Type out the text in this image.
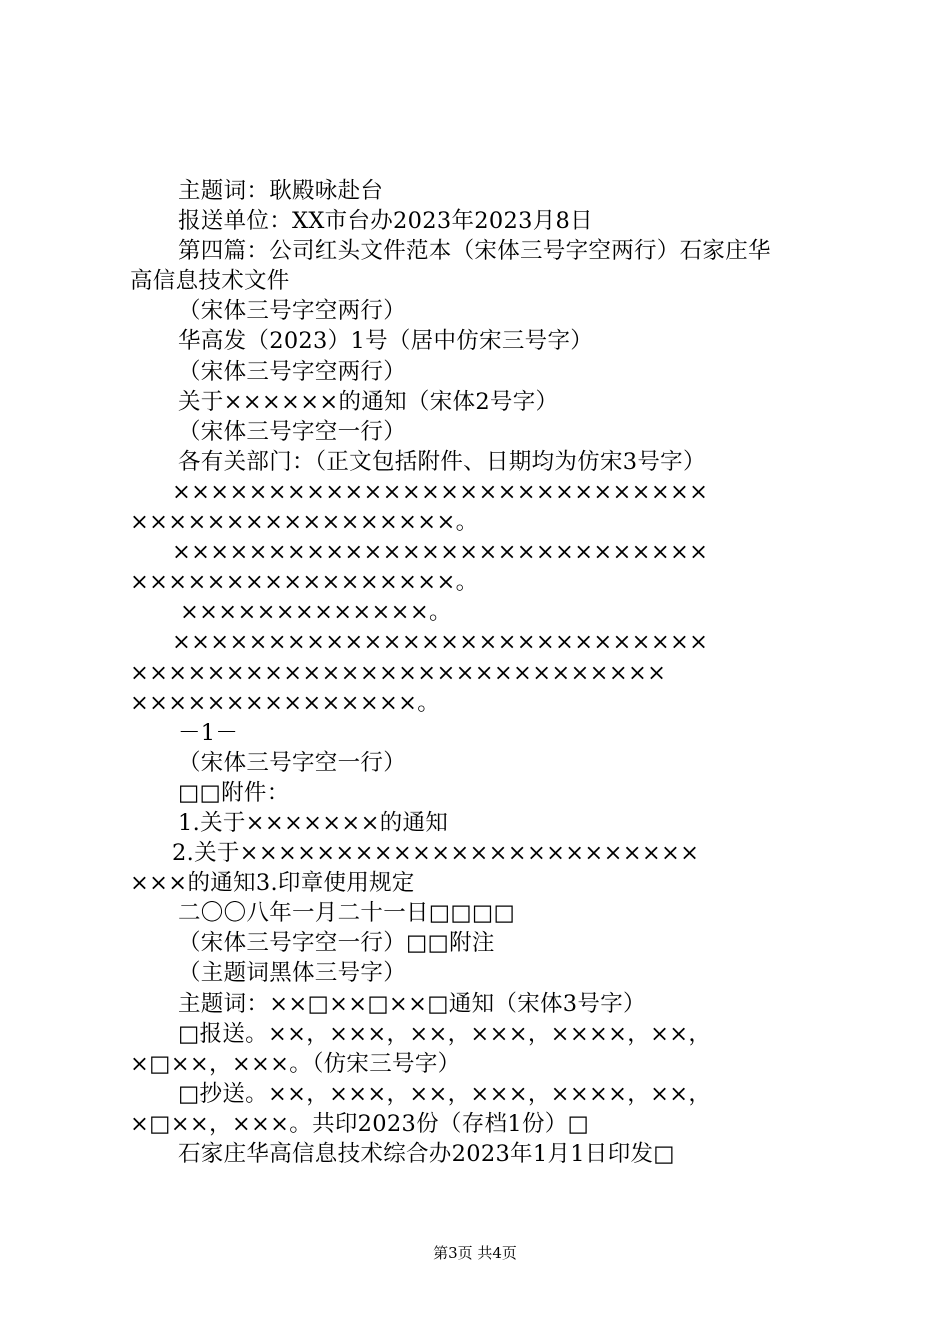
主题词：耿殿咏赴台
报送单位：XX市台办2023年2023月8日
第四篇：公司红头文件范本（宋体三号字空两行）石家庄华
高信息技术文件
（宋体三号字空两行）
华高发（2023）1号（居中仿宋三号字）
（宋体三号字空两行）
关于××××××的通知（宋体2号字）
（宋体三号字空一行）
各有关部门：（正文包括附件、日期均为仿宋3号字）
××××××××××××××××××××××××××××
×××××××××××××××××。
××××××××××××××××××××××××××××
×××××××××××××××××。
×××××××××××××。
××××××××××××××××××××××××××××
××××××××××××××××××××××××××××
×××××××××××××××。
－1－
（宋体三号字空一行）
□□附件：
1.关于×××××××的通知
2.关于××××××××××××××××××××××××
×××的通知3.印章使用规定
二〇〇八年一月二十一日□□□□
（宋体三号字空一行）□□附注
（主题词黑体三号字）
主题词：××□××□××□通知（宋体3号字）
□报送。××，×××，××，×××，××××，××，
×□××，×××。（仿宋三号字）
□抄送。××，×××，××，×××，××××，××，
×□××，×××。共印2023份（存档1份）□
石家庄华高信息技术综合办2023年1月1日印发□
第3页 共4页
